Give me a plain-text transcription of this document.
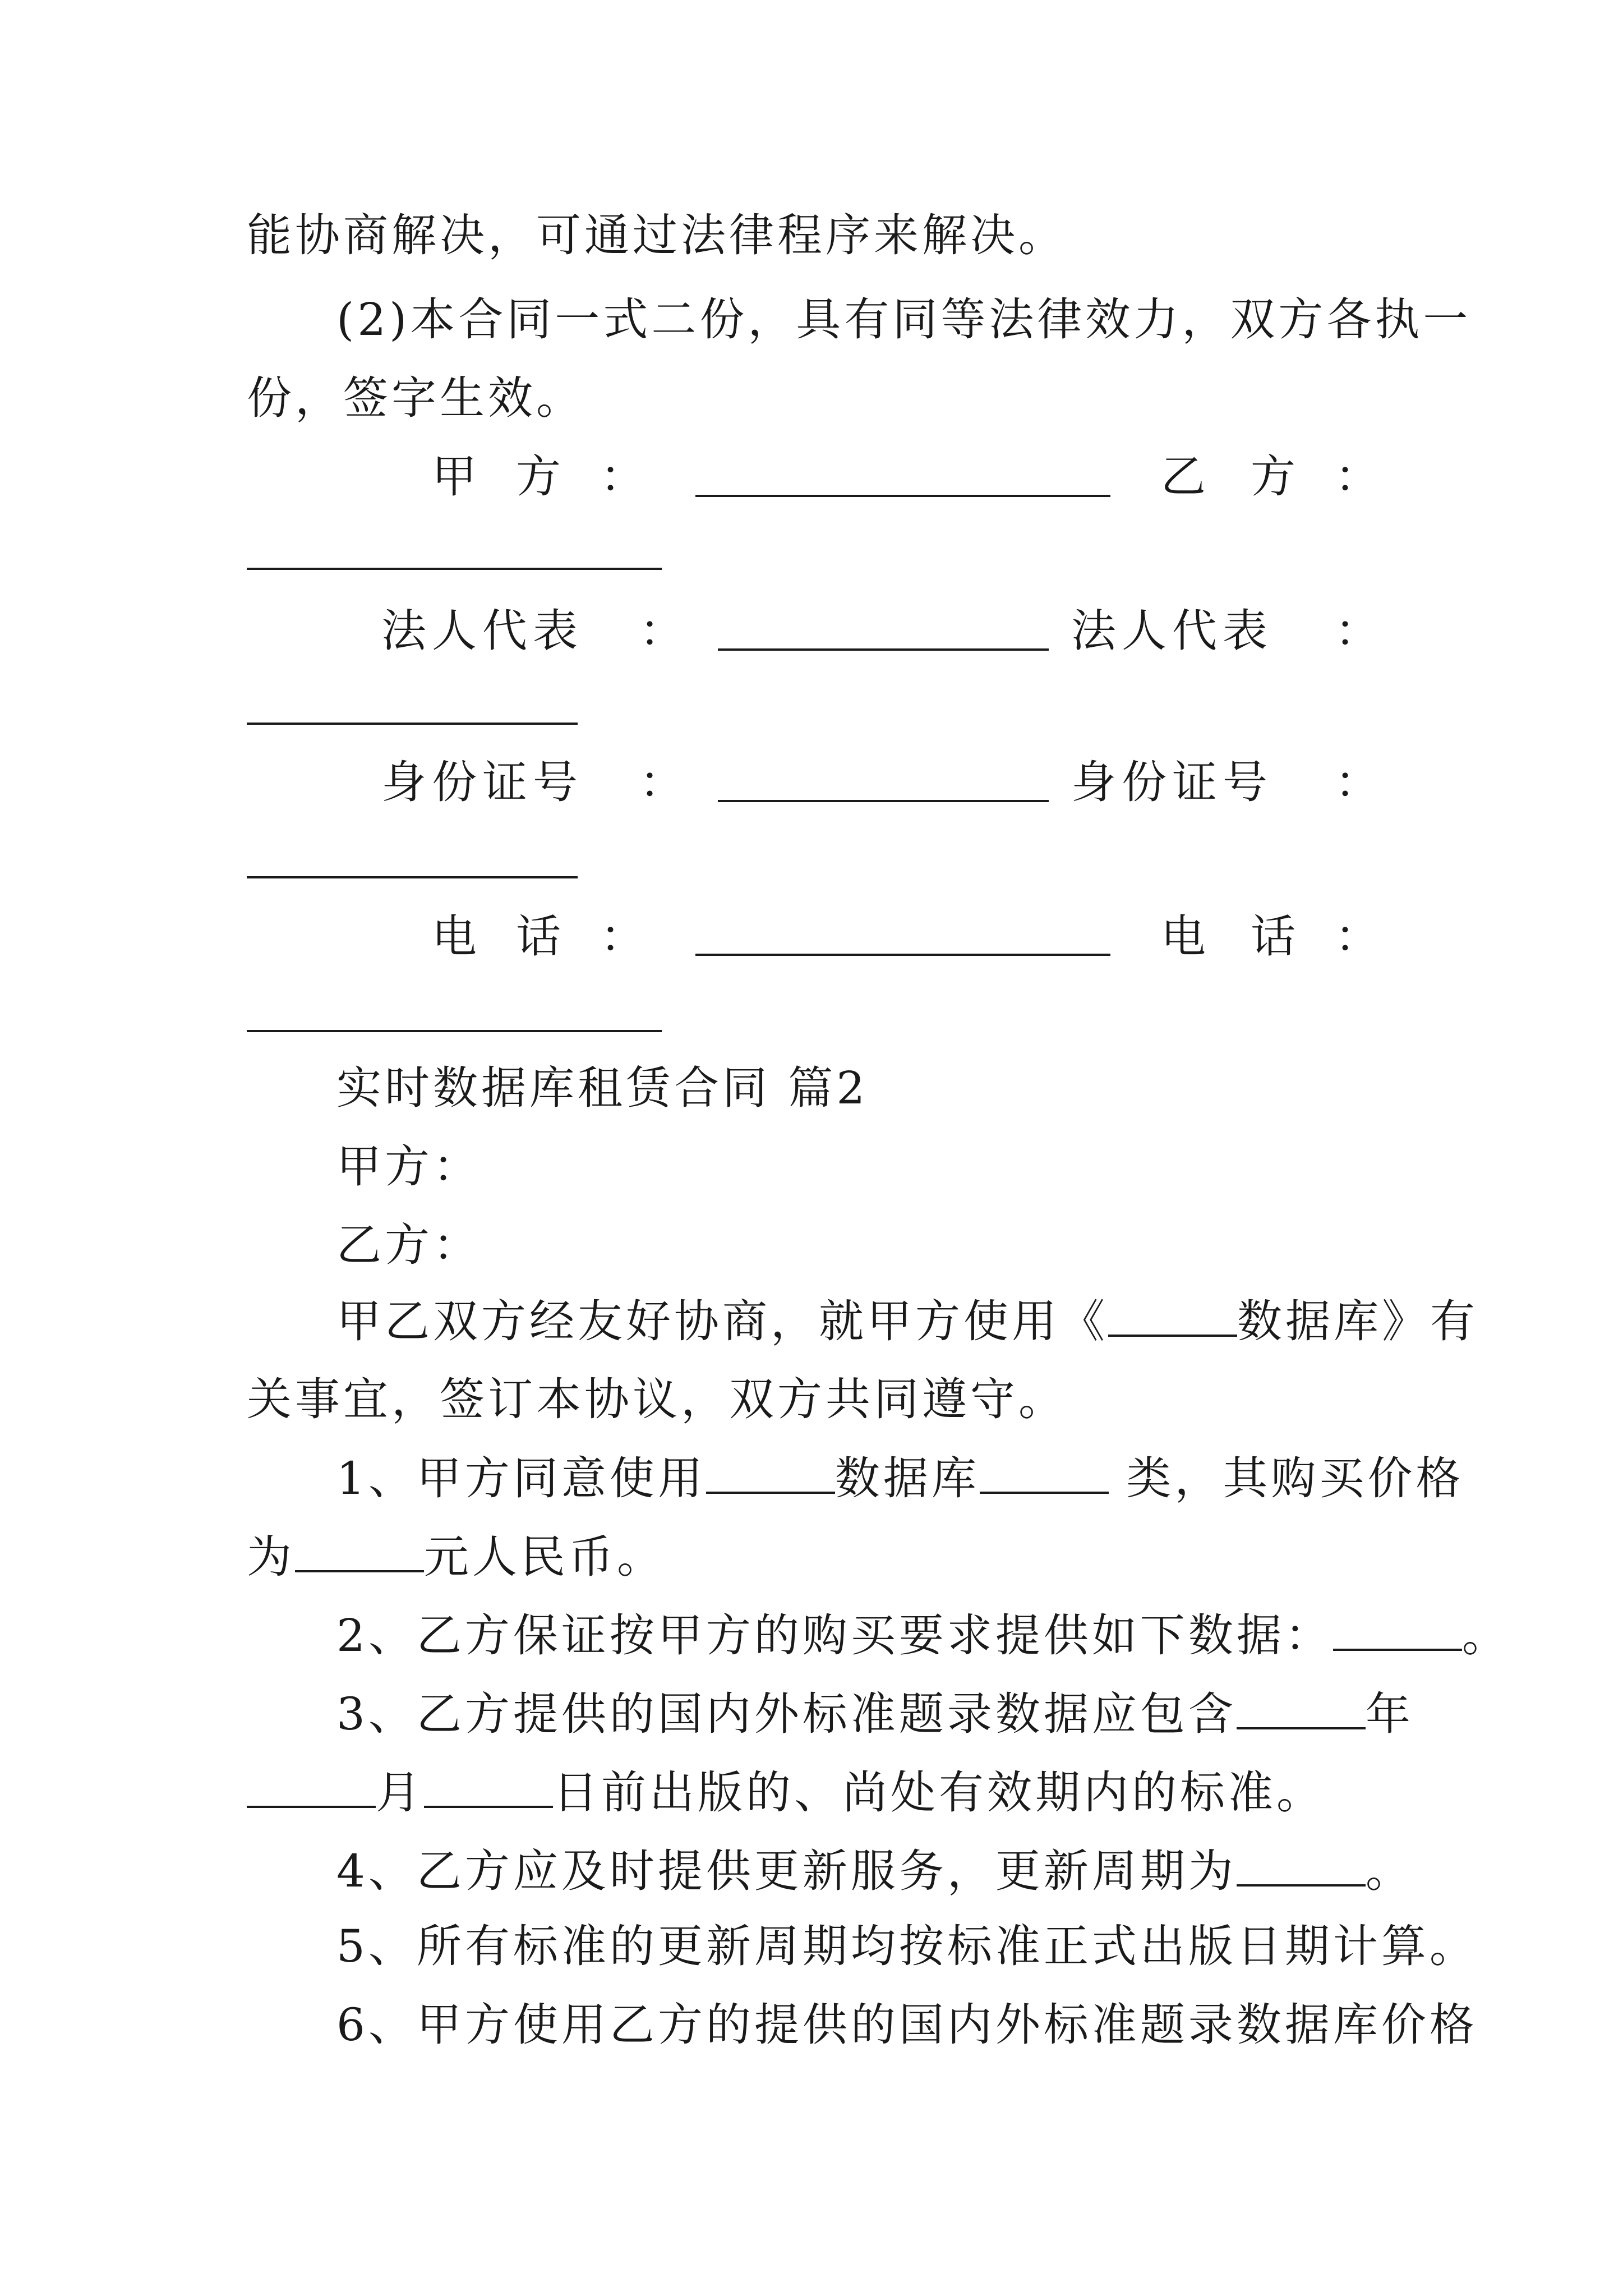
能协商解决，可通过法律程序来解决。
(2)本合同一式二份，具有同等法律效力，双方各执一
份，签字生效。
甲 方 ：	乙 方 ：
法 人 代 表 ：	法 人 代 表 ：
身 份 证 号 ：	身 份 证 号 ：
电 话 ：	电 话 ：
实时数据库租赁合同 篇2
甲方：
乙方：
甲乙双方经友好协商，就甲方使用《	数据库》有
关事宜，签订本协议，双方共同遵守。
1、甲方同意使用	数据库	类，其购买价格
为	元人民币。
2、乙方保证按甲方的购买要求提供如下数据：	。
3、乙方提供的国内外标准题录数据应包含	年
月	日前出版的、尚处有效期内的标准。
4、乙方应及时提供更新服务，更新周期为	。
5、所有标准的更新周期均按标准正式出版日期计算。
6、甲方使用乙方的提供的国内外标准题录数据库价格
